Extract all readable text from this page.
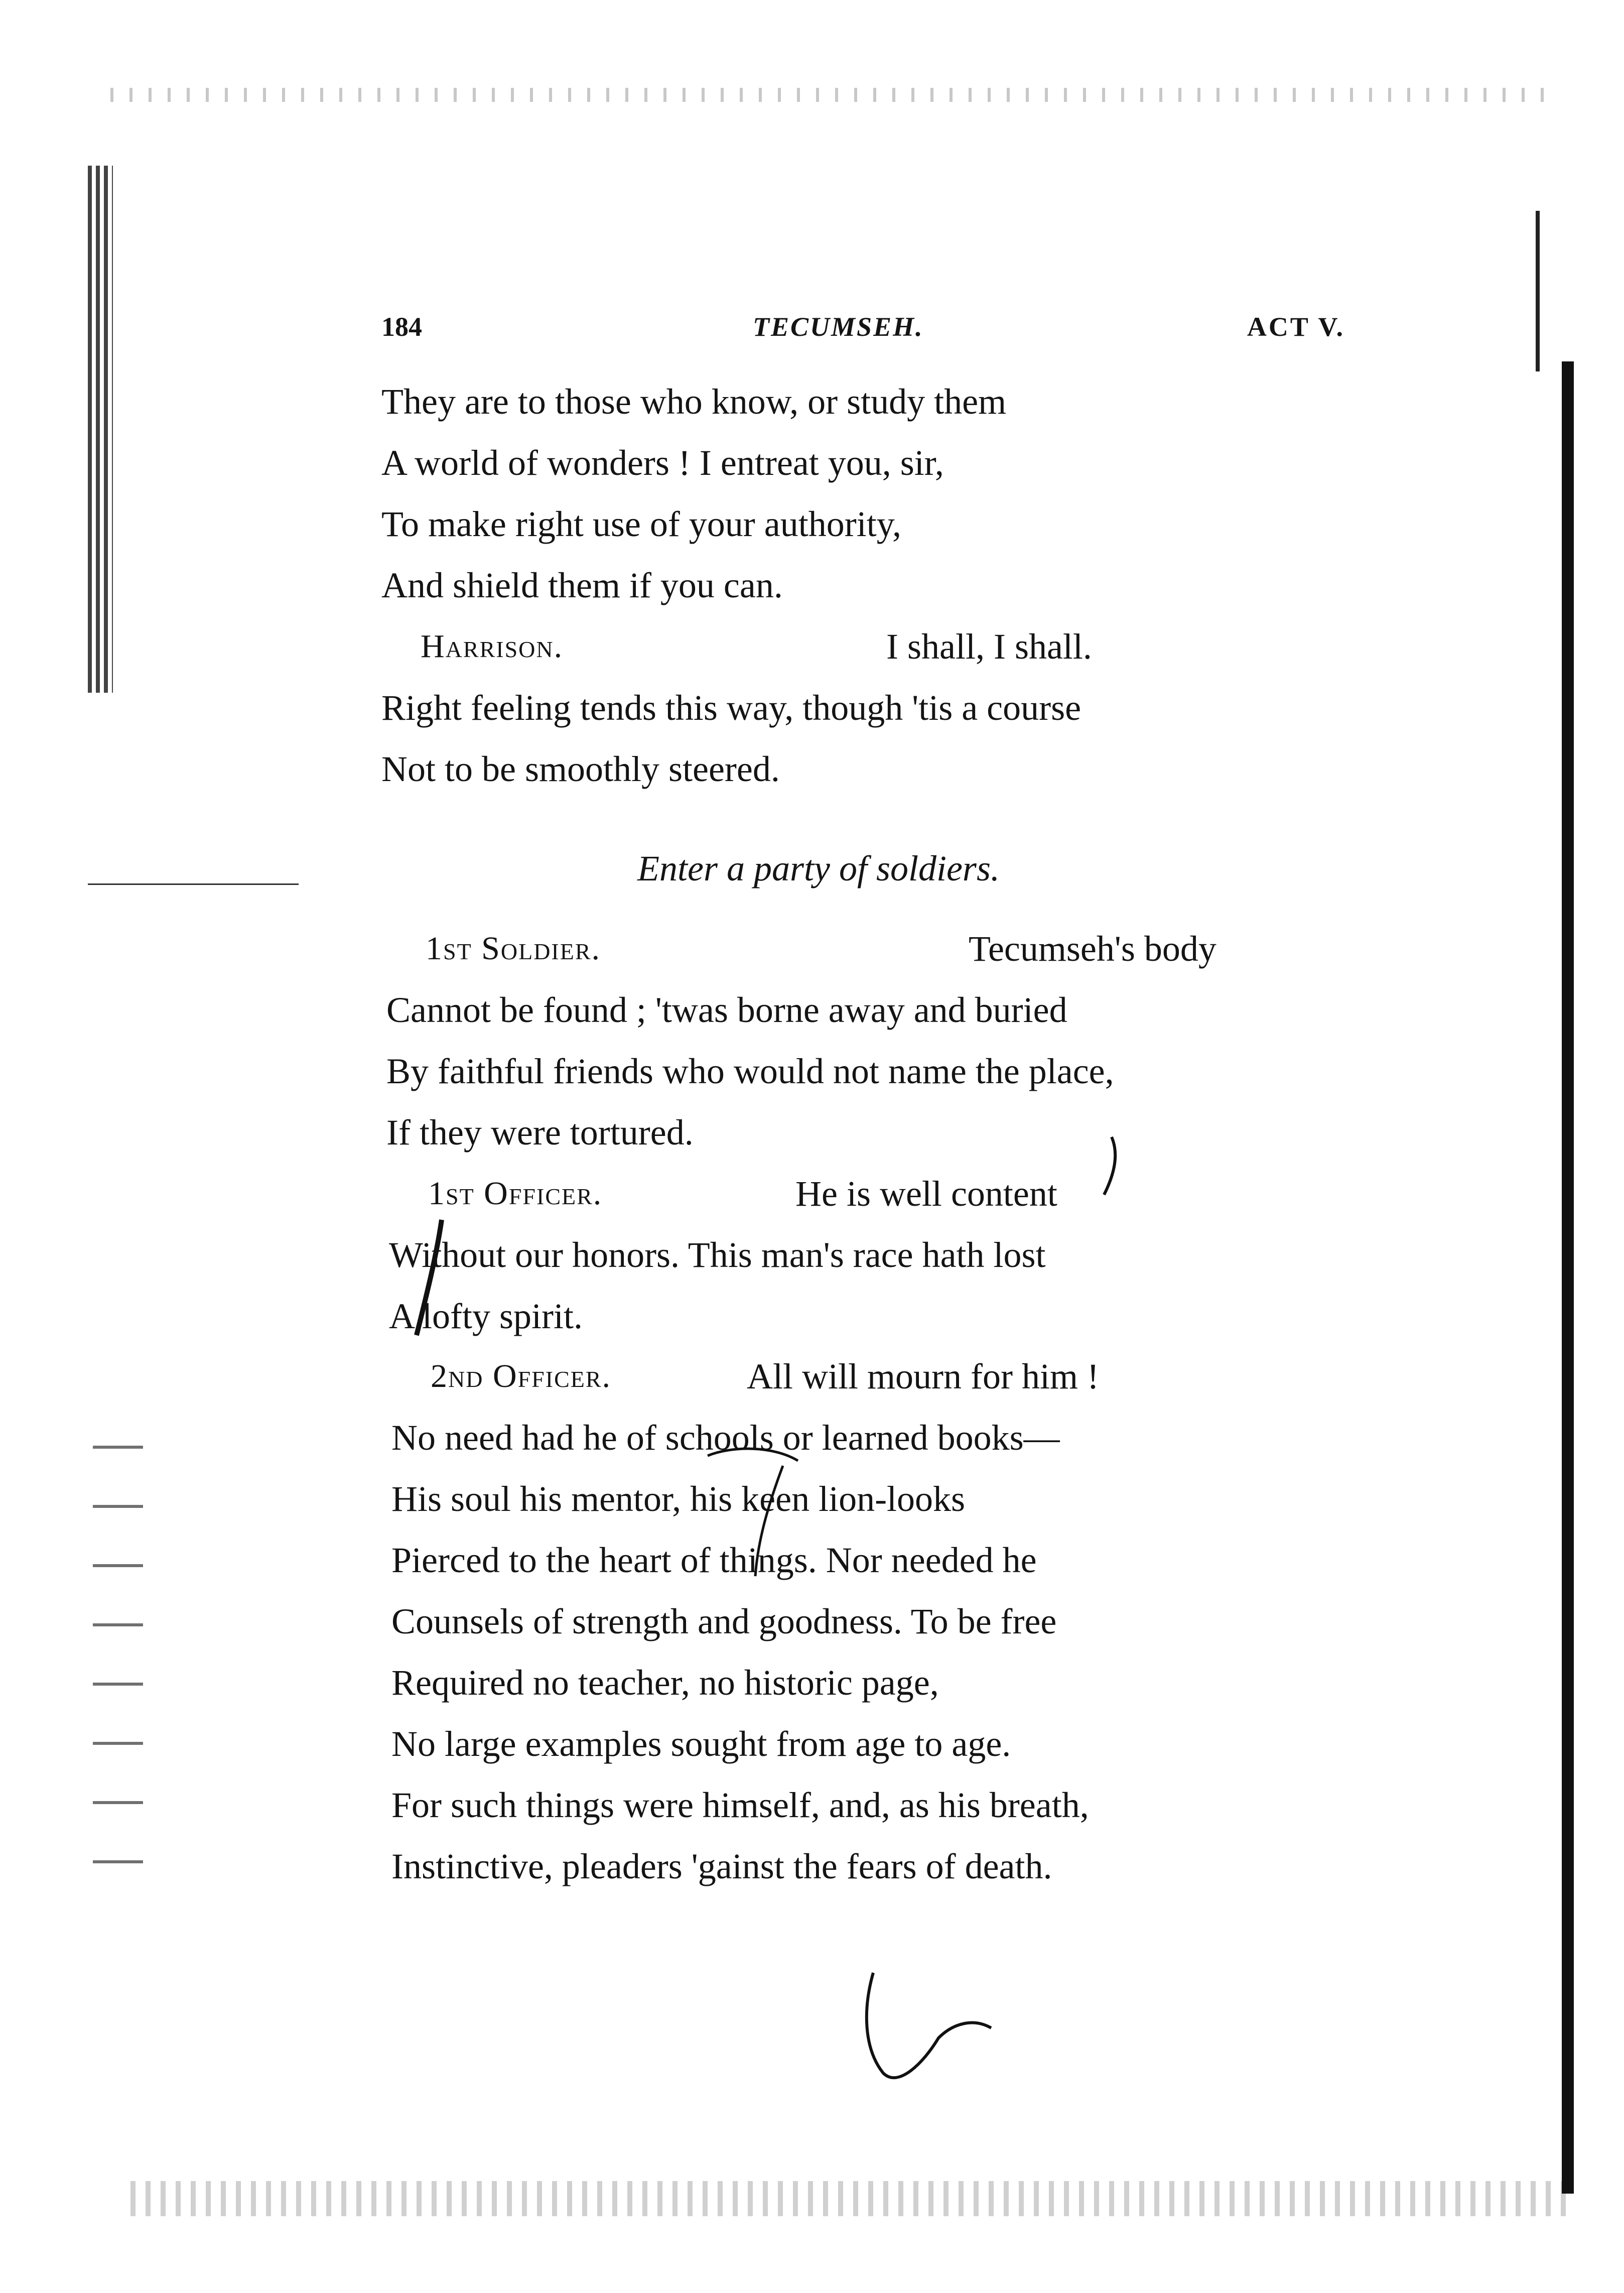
184	TECUMSEH.	ACT V.
They are to those who know, or study them
A world of wonders ! I entreat you, sir,
To make right use of your authority,
And shield them if you can.
Harrison.	I shall, I shall.
Right feeling tends this way, though 'tis a course
Not to be smoothly steered.
Enter a party of soldiers.
1st Soldier.	Tecumseh's body
Cannot be found ; 'twas borne away and buried
By faithful friends who would not name the place,
If they were tortured.
1st Officer.	He is well content
Without our honors. This man's race hath lost
A lofty spirit.
2nd Officer.	All will mourn for him !
No need had he of schools or learned books—
His soul his mentor, his keen lion-looks
Pierced to the heart of things. Nor needed he
Counsels of strength and goodness. To be free
Required no teacher, no historic page,
No large examples sought from age to age.
For such things were himself, and, as his breath,
Instinctive, pleaders 'gainst the fears of death.
